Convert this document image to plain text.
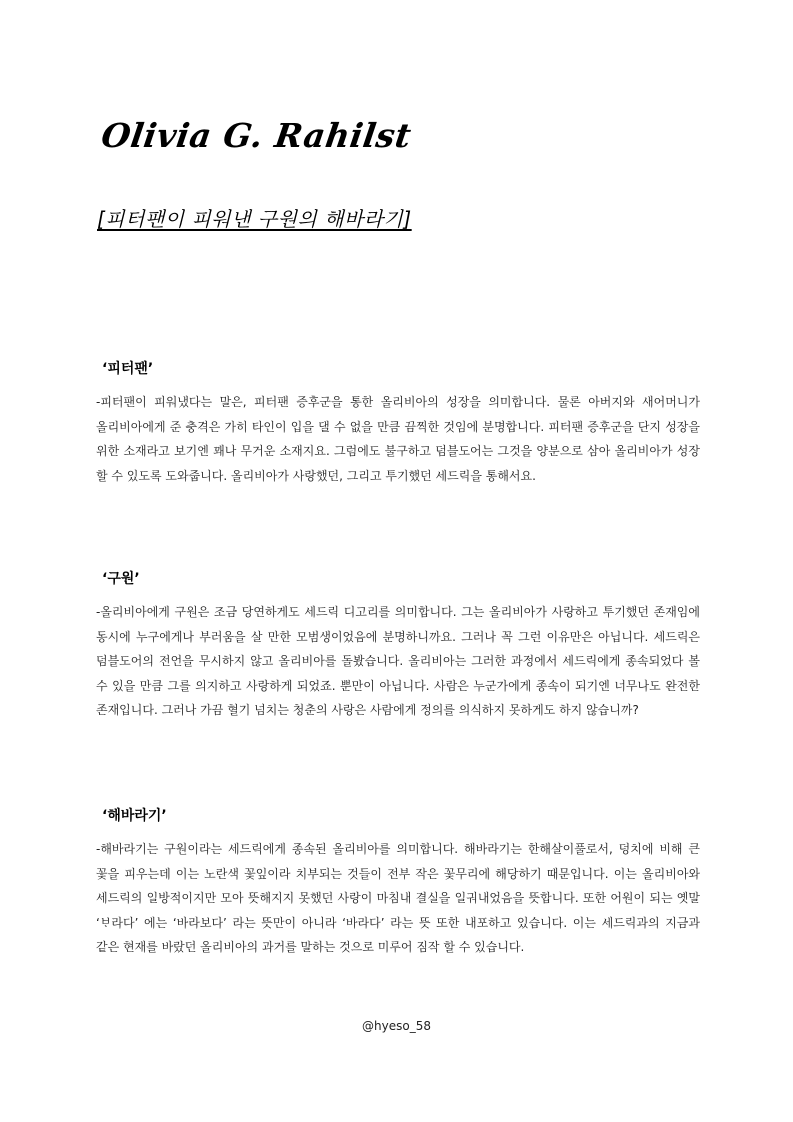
Olivia G. Rahilst
[피터팬이 피워낸 구원의 해바라기]
‘피터팬’

-피터팬이 피워냈다는 말은, 피터팬 증후군을 통한 올리비아의 성장을 의미합니다. 물론 아버지와 새어머니가 올리비아에게 준 충격은 가히 타인이 입을 댈 수 없을 만큼 끔찍한 것임에 분명합니다. 피터팬 증후군을 단지 성장을 위한 소재라고 보기엔 꽤나 무거운 소재지요. 그럼에도 불구하고 덤블도어는 그것을 양분으로 삼아 올리비아가 성장 할 수 있도록 도와줍니다. 올리비아가 사랑했던, 그리고 투기했던 세드릭을 통해서요.

‘구원’

-올리비아에게 구원은 조금 당연하게도 세드릭 디고리를 의미합니다. 그는 올리비아가 사랑하고 투기했던 존재임에 동시에 누구에게나 부러움을 살 만한 모범생이었음에 분명하니까요. 그러나 꼭 그런 이유만은 아닙니다. 세드릭은 덤블도어의 전언을 무시하지 않고 올리비아를 돌봤습니다. 올리비아는 그러한 과정에서 세드릭에게 종속되었다 볼 수 있을 만큼 그를 의지하고 사랑하게 되었죠. 뿐만이 아닙니다. 사람은 누군가에게 종속이 되기엔 너무나도 완전한 존재입니다. 그러나 가끔 혈기 넘치는 청춘의 사랑은 사람에게 정의를 의식하지 못하게도 하지 않습니까?

‘해바라기’

-해바라기는 구원이라는 세드릭에게 종속된 올리비아를 의미합니다. 해바라기는 한해살이풀로서, 덩치에 비해 큰 꽃을 피우는데 이는 노란색 꽃잎이라 치부되는 것들이 전부 작은 꽃무리에 해당하기 때문입니다. 이는 올리비아와 세드릭의 일방적이지만 모아 뜻해지지 못했던 사랑이 마침내 결실을 일궈내었음을 뜻합니다. 또한 어원이 되는 옛말 ‘ᄇᆞ라다’ 에는 ‘바라보다’ 라는 뜻만이 아니라 ‘바라다’ 라는 뜻 또한 내포하고 있습니다. 이는 세드릭과의 지금과 같은 현재를 바랐던 올리비아의 과거를 말하는 것으로 미루어 짐작 할 수 있습니다.

@hyeso_58
